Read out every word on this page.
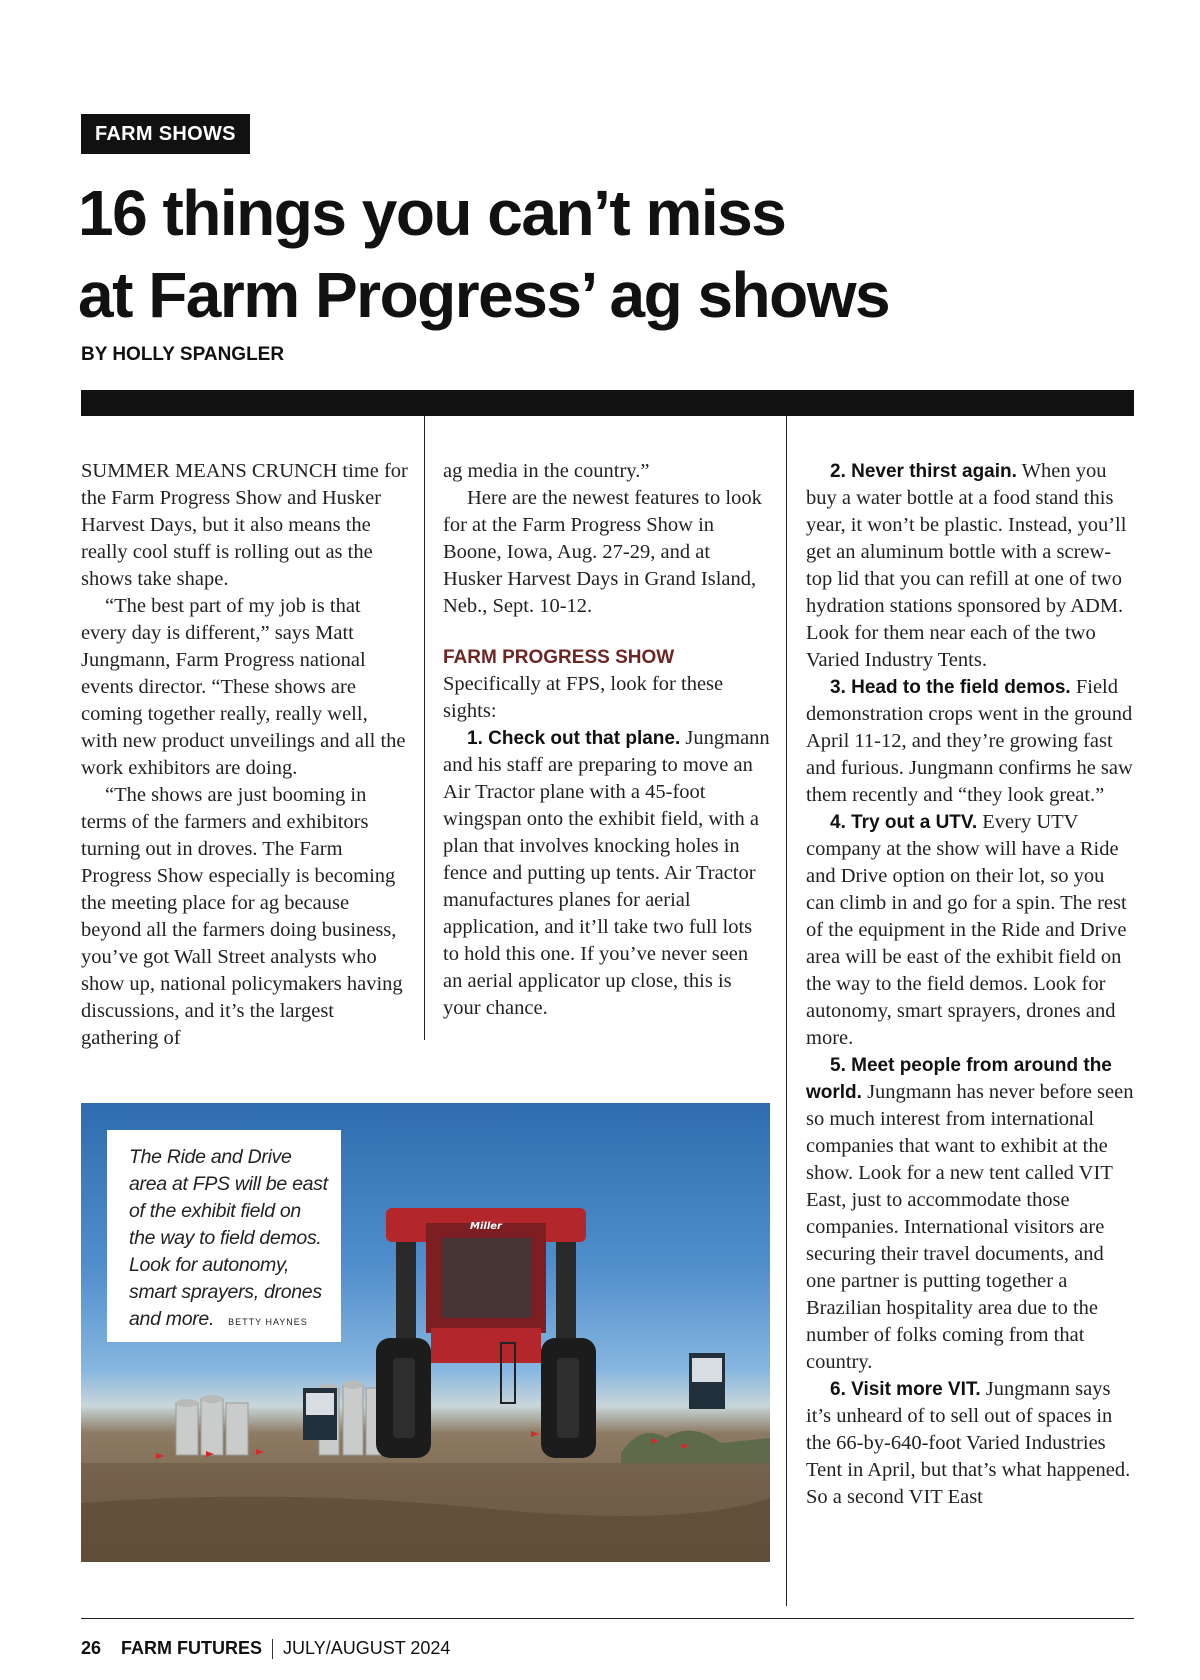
FARM SHOWS
16 things you can’t miss
at Farm Progress’ ag shows
BY HOLLY SPANGLER

SUMMER MEANS CRUNCH time for the Farm Progress Show and Husker Harvest Days, but it also means the really cool stuff is rolling out as the shows take shape.

“The best part of my job is that every day is different,” says Matt Jungmann, Farm Progress national events director. “These shows are coming together really, really well, with new product unveilings and all the work exhibitors are doing.

“The shows are just booming in terms of the farmers and exhibitors turning out in droves. The Farm Progress Show especially is becoming the meeting place for ag because beyond all the farmers doing business, you’ve got Wall Street analysts who show up, national policymakers having discussions, and it’s the largest gathering of

ag media in the country.”

Here are the newest features to look for at the Farm Progress Show in Boone, Iowa, Aug. 27-29, and at Husker Harvest Days in Grand Island, Neb., Sept. 10-12.

FARM PROGRESS SHOW

Specifically at FPS, look for these sights:

1. Check out that plane. Jungmann and his staff are preparing to move an Air Tractor plane with a 45-foot wingspan onto the exhibit field, with a plan that involves knocking holes in fence and putting up tents. Air Tractor manufactures planes for aerial application, and it’ll take two full lots to hold this one. If you’ve never seen an aerial applicator up close, this is your chance.

2. Never thirst again. When you buy a water bottle at a food stand this year, it won’t be plastic. Instead, you’ll get an aluminum bottle with a screw-top lid that you can refill at one of two hydration stations sponsored by ADM. Look for them near each of the two Varied Industry Tents.

3. Head to the field demos. Field demonstration crops went in the ground April 11-12, and they’re growing fast and furious. Jungmann confirms he saw them recently and “they look great.”

4. Try out a UTV. Every UTV company at the show will have a Ride and Drive option on their lot, so you can climb in and go for a spin. The rest of the equipment in the Ride and Drive area will be east of the exhibit field on the way to the field demos. Look for autonomy, smart sprayers, drones and more.

5. Meet people from around the world. Jungmann has never before seen so much interest from international companies that want to exhibit at the show. Look for a new tent called VIT East, just to accommodate those companies. International visitors are securing their travel documents, and one partner is putting together a Brazilian hospitality area due to the number of folks coming from that country.

6. Visit more VIT. Jungmann says it’s unheard of to sell out of spaces in the 66-by-640-foot Varied Industries Tent in April, but that’s what happened. So a second VIT East

Miller
The Ride and Drive area at FPS will be east of the exhibit field on the way to field demos. Look for autonomy, smart sprayers, drones and more. BETTY HAYNES
26 FARM FUTURES JULY/AUGUST 2024
